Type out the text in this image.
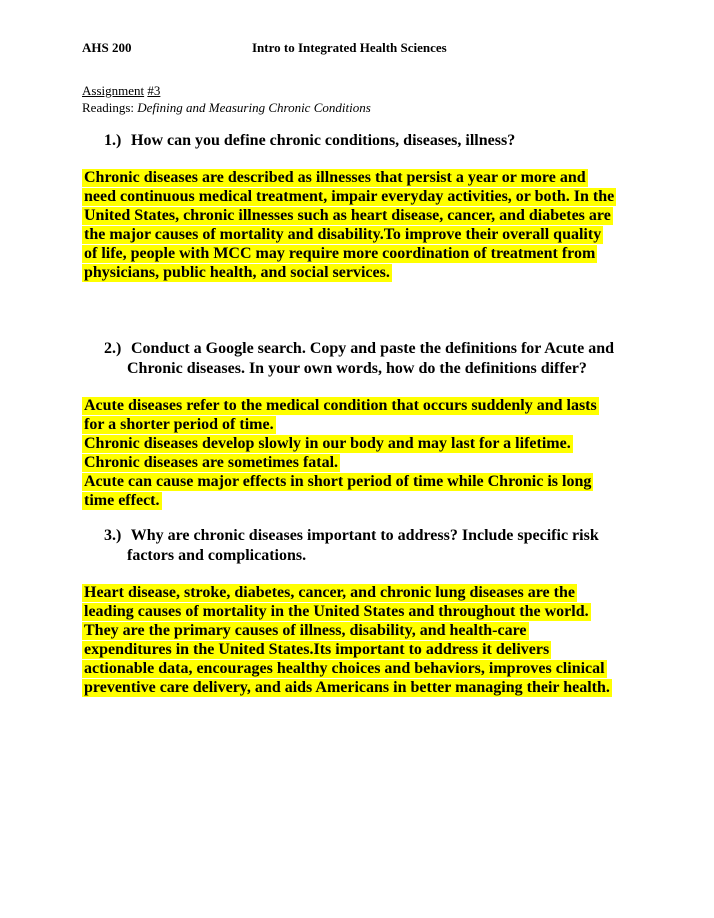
AHS 200	Intro to Integrated Health Sciences
Assignment #3
Readings: Defining and Measuring Chronic Conditions
1.) How can you define chronic conditions, diseases, illness?
Chronic diseases are described as illnesses that persist a year or more and
need continuous medical treatment, impair everyday activities, or both. In the
United States, chronic illnesses such as heart disease, cancer, and diabetes are
the major causes of mortality and disability.To improve their overall quality
of life, people with MCC may require more coordination of treatment from
physicians, public health, and social services.
2.) Conduct a Google search. Copy and paste the definitions for Acute and
Chronic diseases. In your own words, how do the definitions differ?
Acute diseases refer to the medical condition that occurs suddenly and lasts
for a shorter period of time.
Chronic diseases develop slowly in our body and may last for a lifetime.
Chronic diseases are sometimes fatal.
Acute can cause major effects in short period of time while Chronic is long
time effect.
3.) Why are chronic diseases important to address? Include specific risk
factors and complications.
Heart disease, stroke, diabetes, cancer, and chronic lung diseases are the
leading causes of mortality in the United States and throughout the world.
They are the primary causes of illness, disability, and health-care
expenditures in the United States.Its important to address it delivers
actionable data, encourages healthy choices and behaviors, improves clinical
preventive care delivery, and aids Americans in better managing their health.
